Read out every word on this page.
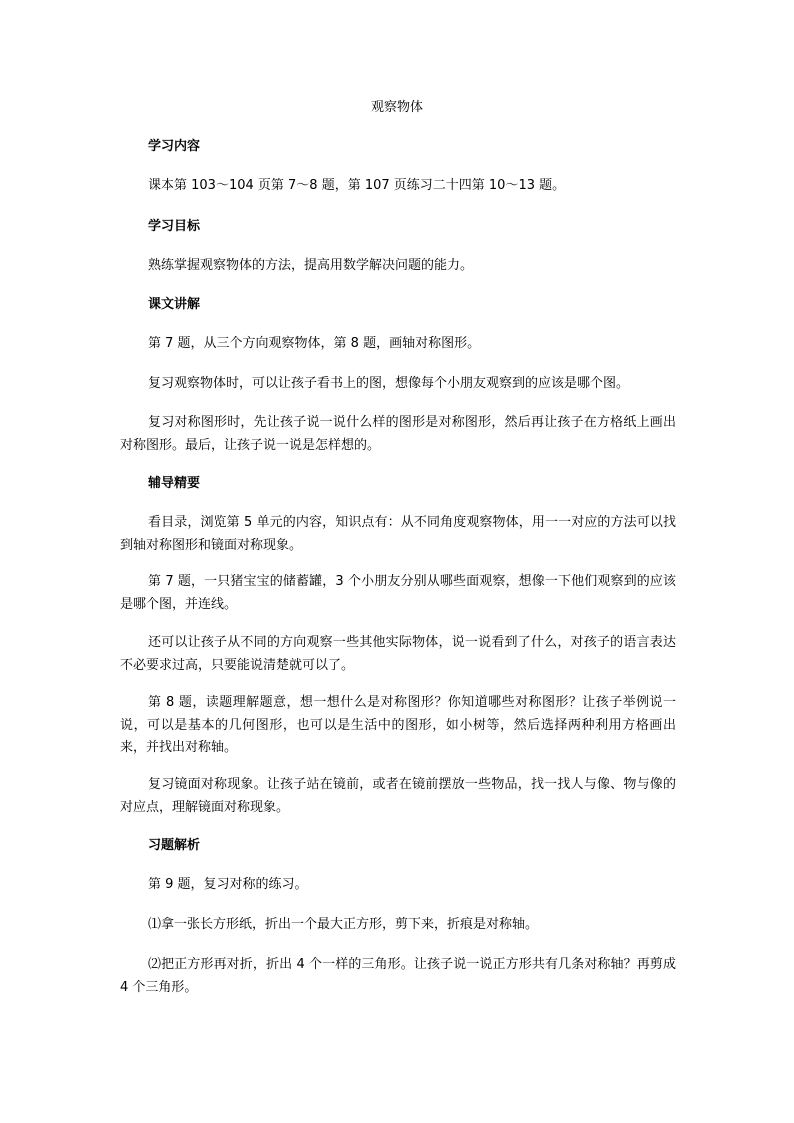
观察物体
学习内容
课本第 103～104 页第 7～8 题，第 107 页练习二十四第 10～13 题。
学习目标
熟练掌握观察物体的方法，提高用数学解决问题的能力。
课文讲解
第 7 题，从三个方向观察物体，第 8 题，画轴对称图形。
复习观察物体时，可以让孩子看书上的图，想像每个小朋友观察到的应该是哪个图。
复习对称图形时，先让孩子说一说什么样的图形是对称图形，然后再让孩子在方格纸上画出对称图形。最后，让孩子说一说是怎样想的。
辅导精要
看目录，浏览第 5 单元的内容，知识点有：从不同角度观察物体，用一一对应的方法可以找到轴对称图形和镜面对称现象。
第 7 题，一只猪宝宝的储蓄罐，3 个小朋友分别从哪些面观察，想像一下他们观察到的应该是哪个图，并连线。
还可以让孩子从不同的方向观察一些其他实际物体，说一说看到了什么，对孩子的语言表达不必要求过高，只要能说清楚就可以了。
第 8 题，读题理解题意，想一想什么是对称图形？你知道哪些对称图形？让孩子举例说一说，可以是基本的几何图形，也可以是生活中的图形，如小树等，然后选择两种利用方格画出来，并找出对称轴。
复习镜面对称现象。让孩子站在镜前，或者在镜前摆放一些物品，找一找人与像、物与像的对应点，理解镜面对称现象。
习题解析
第 9 题，复习对称的练习。
⑴拿一张长方形纸，折出一个最大正方形，剪下来，折痕是对称轴。
⑵把正方形再对折，折出 4 个一样的三角形。让孩子说一说正方形共有几条对称轴？再剪成 4 个三角形。
